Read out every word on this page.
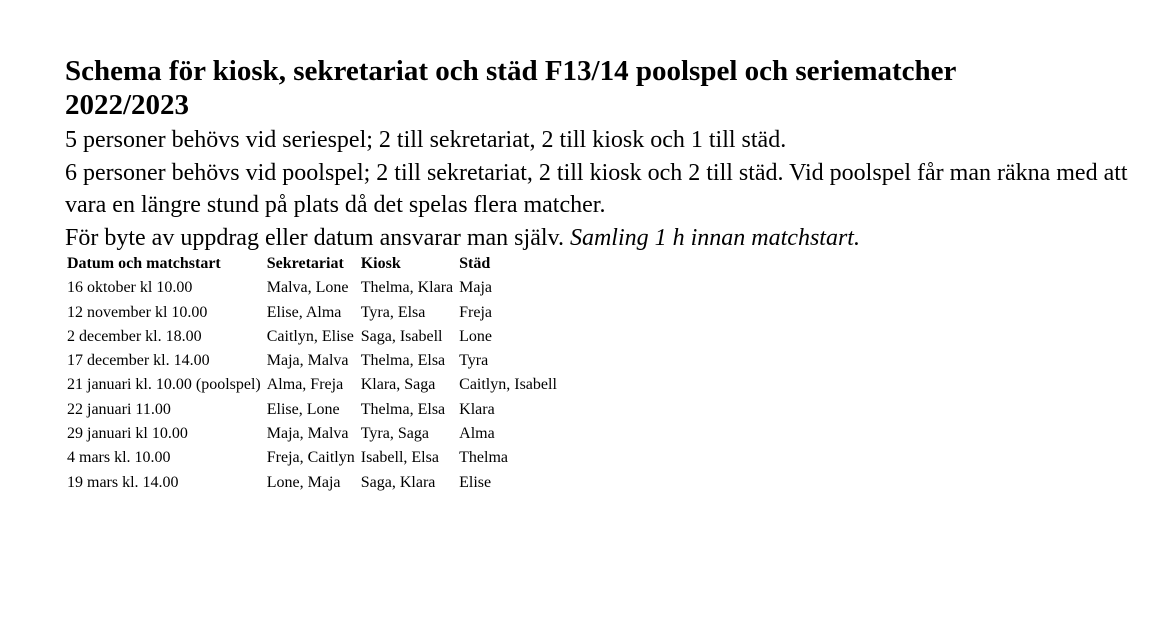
Schema för kiosk, sekretariat och städ F13/14 poolspel och seriematcher 2022/2023

5 personer behövs vid seriespel; 2 till sekretariat, 2 till kiosk och 1 till städ.

6 personer behövs vid poolspel; 2 till sekretariat, 2 till kiosk och 2 till städ. Vid poolspel får man räkna med att vara en längre stund på plats då det spelas flera matcher.

För byte av uppdrag eller datum ansvarar man själv. Samling 1 h innan matchstart.

Datum och matchstart	Sekretariat	Kiosk	Städ
16 oktober kl 10.00	Malva, Lone	Thelma, Klara	Maja
12 november kl 10.00	Elise, Alma	Tyra, Elsa	Freja
2 december kl. 18.00	Caitlyn, Elise	Saga, Isabell	Lone
17 december kl. 14.00	Maja, Malva	Thelma, Elsa	Tyra
21 januari kl. 10.00 (poolspel)	Alma, Freja	Klara, Saga	Caitlyn, Isabell
22 januari 11.00	Elise, Lone	Thelma, Elsa	Klara
29 januari kl 10.00	Maja, Malva	Tyra, Saga	Alma
4 mars kl. 10.00	Freja, Caitlyn	Isabell, Elsa	Thelma
19 mars kl. 14.00	Lone, Maja	Saga, Klara	Elise
